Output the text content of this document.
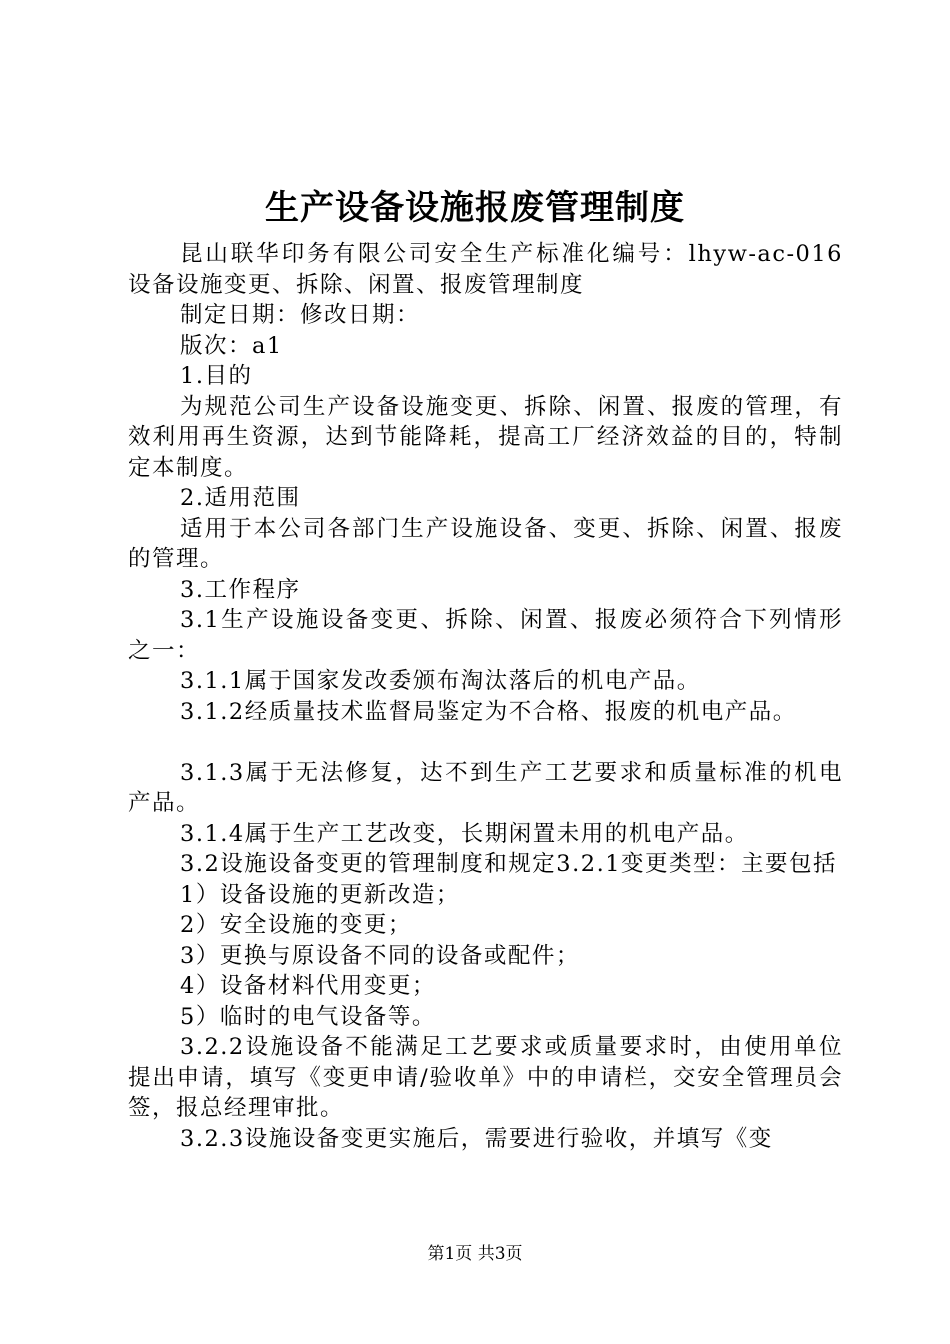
生产设备设施报废管理制度

昆山联华印务有限公司安全生产标准化编号：lhyw-ac-016 设备设施变更、拆除、闲置、报废管理制度

制定日期：修改日期：

版次：a1

1.目的

为规范公司生产设备设施变更、拆除、闲置、报废的管理，有效利用再生资源，达到节能降耗，提高工厂经济效益的目的，特制定本制度。

2.适用范围

适用于本公司各部门生产设施设备、变更、拆除、闲置、报废的管理。

3.工作程序

3.1生产设施设备变更、拆除、闲置、报废必须符合下列情形之一：

3.1.1属于国家发改委颁布淘汰落后的机电产品。

3.1.2经质量技术监督局鉴定为不合格、报废的机电产品。

3.1.3属于无法修复，达不到生产工艺要求和质量标准的机电产品。

3.1.4属于生产工艺改变，长期闲置未用的机电产品。

3.2设施设备变更的管理制度和规定3.2.1变更类型：主要包括

1）设备设施的更新改造；

2）安全设施的变更；

3）更换与原设备不同的设备或配件；

4）设备材料代用变更；

5）临时的电气设备等。

3.2.2设施设备不能满足工艺要求或质量要求时，由使用单位提出申请，填写《变更申请/验收单》中的申请栏，交安全管理员会签，报总经理审批。

3.2.3设施设备变更实施后，需要进行验收，并填写《变

第1页 共3页
